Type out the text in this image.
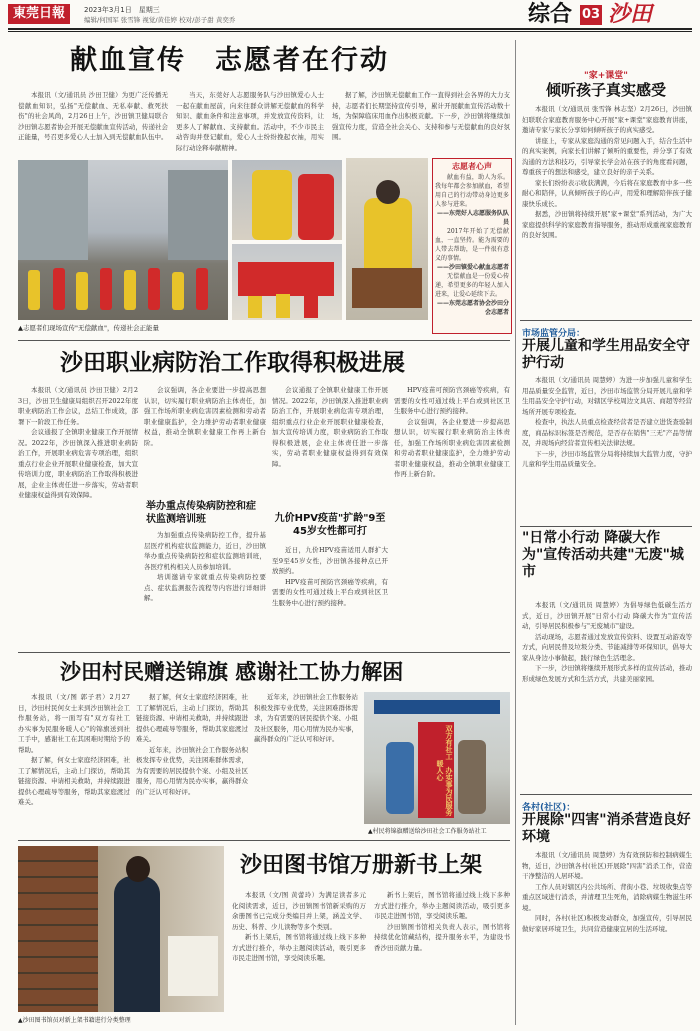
東莞日報	2023年3月1日　星期三
编辑/何国军 张雪锋 视觉/黄佳婷 校对/彭子甜 黄奕乔	综合 03 沙田
献血宣传　志愿者在行动

本报讯（文/通讯员 沙田卫健）为更广泛传播无偿献血知识，弘扬"无偿献血、无私奉献、救死扶伤"的社会风尚，2月26日上午，沙田镇卫健局联合沙田镇志愿者协会开展无偿献血宣传活动，传递社会正能量，号召更多爱心人士加入到无偿献血队伍中。

当天，东莞好人志愿服务队与沙田镇爱心人士一起在献血屋前，向来往群众讲解无偿献血的科学知识、献血条件和注意事项，并发放宣传资料，让更多人了解献血、支持献血。活动中，不少市民主动咨询并登记献血，爱心人士纷纷挽起衣袖，用实际行动诠释奉献精神。

据了解，沙田镇无偿献血工作一直得到社会各界的大力支持，志愿者们长期坚持宣传引导，累计开展献血宣传活动数十场，为保障临床用血作出积极贡献。下一步，沙田镇将继续加强宣传力度，营造全社会关心、支持和参与无偿献血的良好氛围。

▲志愿者们现场宣传"无偿献血"，传递社会正能量
志愿者心声

献血有益，助人为乐。我每年都会参加献血，希望用自己的行动带动身边更多人参与进来。

——东莞好人志愿服务队队员

2017年开始了无偿献血，一直坚持。能为需要的人带去帮助，是一件很有意义的事情。

——沙田镇爱心献血志愿者

无偿献血是一份爱心传递，希望更多的年轻人加入进来，让爱心延续下去。

——东莞志愿者协会沙田分会志愿者
沙田职业病防治工作取得积极进展

本报讯（文/通讯员 沙田卫健）2月23日，沙田卫生健康局组织召开2022年度职业病防治工作会议，总结工作成效，部署下一阶段工作任务。

会议通报了全镇职业健康工作开展情况。2022年，沙田镇深入推进职业病防治工作，开展职业病危害专项治理，组织重点行业企业开展职业健康检查，加大宣传培训力度，职业病防治工作取得积极进展，企业主体责任进一步落实，劳动者职业健康权益得到有效保障。

会议强调，各企业要进一步提高思想认识，切实履行职业病防治主体责任，加强工作场所职业病危害因素检测和劳动者职业健康监护，全力维护劳动者职业健康权益，推动全镇职业健康工作再上新台阶。

举办重点传染病防控和症状监测培训班

为加强重点传染病防控工作，提升基层医疗机构症状监测能力，近日，沙田镇举办重点传染病防控和症状监测培训班，各医疗机构相关人员参加培训。

培训邀请专家就重点传染病防控要点、症状监测报告流程等内容进行详细讲解。

会议通报了全镇职业健康工作开展情况。2022年，沙田镇深入推进职业病防治工作，开展职业病危害专项治理，组织重点行业企业开展职业健康检查，加大宣传培训力度，职业病防治工作取得积极进展，企业主体责任进一步落实，劳动者职业健康权益得到有效保障。

九价HPV疫苗"扩龄"9至45岁女性都可打

近日，九价HPV疫苗适用人群扩大至9至45岁女性，沙田镇各接种点已开放预约。

HPV疫苗可预防宫颈癌等疾病，有需要的女性可通过线上平台或到社区卫生服务中心进行预约接种。

HPV疫苗可预防宫颈癌等疾病，有需要的女性可通过线上平台或到社区卫生服务中心进行预约接种。

会议强调，各企业要进一步提高思想认识，切实履行职业病防治主体责任，加强工作场所职业病危害因素检测和劳动者职业健康监护，全力维护劳动者职业健康权益，推动全镇职业健康工作再上新台阶。

沙田村民赠送锦旗 感谢社工协力解困

本报讯（文/图 郭子君）2月27日，沙田村民何女士来到沙田镇社会工作服务站，将一面写有"双方有社工　办实事为民服务暖人心"的锦旗送到社工手中，感谢社工在其困难时期给予的帮助。

据了解，何女士家庭经济困难，社工了解情况后，主动上门探访，帮助其链接资源、申请相关救助，并持续跟进提供心理疏导等服务，帮助其家庭渡过难关。

据了解，何女士家庭经济困难，社工了解情况后，主动上门探访，帮助其链接资源、申请相关救助，并持续跟进提供心理疏导等服务，帮助其家庭渡过难关。

近年来，沙田镇社会工作服务站积极发挥专业优势，关注困难群体需求，为有需要的居民提供个案、小组及社区服务，用心用情为民办实事，赢得群众的广泛认可和好评。

近年来，沙田镇社会工作服务站积极发挥专业优势，关注困难群体需求，为有需要的居民提供个案、小组及社区服务，用心用情为民办实事，赢得群众的广泛认可和好评。	双方有社工　办实事为民服务暖人心
▲村民将锦旗赠送给沙田社会工作服务站社工
▲沙田图书馆员对新上架书籍进行分类整理
沙田图书馆万册新书上架

本报讯（文/图 黄蕾玲）为满足读者多元化阅读需求，近日，沙田镇图书馆新采购的万余册图书已完成分类编目并上架，涵盖文学、历史、科普、少儿读物等多个类别。

新书上架后，图书馆将通过线上线下多种方式进行推介，举办主题阅读活动，吸引更多市民走进图书馆，享受阅读乐趣。

新书上架后，图书馆将通过线上线下多种方式进行推介，举办主题阅读活动，吸引更多市民走进图书馆，享受阅读乐趣。

沙田镇图书馆相关负责人表示，图书馆将持续优化馆藏结构，提升服务水平，为建设书香沙田贡献力量。

"家+课堂"
倾听孩子真实感受

本报讯（文/通讯员 张雪锋 林志坚）2月26日，沙田镇妇联联合家庭教育服务中心开展"家+课堂"家庭教育讲座，邀请专家与家长分享如何倾听孩子的真实感受。

讲座上，专家从家庭沟通的常见问题入手，结合生活中的真实案例，向家长们讲解了倾听的重要性，并分享了有效沟通的方法和技巧，引导家长学会站在孩子的角度看问题，尊重孩子的想法和感受，建立良好的亲子关系。

家长们纷纷表示收获满满，今后将在家庭教育中多一些耐心和陪伴，认真倾听孩子的心声，用爱和理解陪伴孩子健康快乐成长。

据悉，沙田镇将持续开展"家+课堂"系列活动，为广大家庭提供科学的家庭教育指导服务，推动形成重视家庭教育的良好氛围。

市场监管分局：
开展儿童和学生用品安全守护行动

本报讯（文/通讯员 周慧婷）为进一步加强儿童和学生用品质量安全监管，近日，沙田市场监管分局开展儿童和学生用品安全守护行动，对辖区学校周边文具店、商超等经营场所开展专项检查。

检查中，执法人员重点检查经营者是否建立进货查验制度，商品标识标签是否规范，是否存在销售"三无"产品等情况，并现场向经营者宣传相关法律法规。

下一步，沙田市场监管分局将持续加大监管力度，守护儿童和学生用品质量安全。

"日常小行动 降碳大作为"宣传活动共建"无废"城市

本报讯（文/通讯员 周慧婷）为倡导绿色低碳生活方式，近日，沙田镇开展"日常小行动 降碳大作为"宣传活动，引导居民积极参与"无废城市"建设。

活动现场，志愿者通过发放宣传资料、设置互动游戏等方式，向居民普及垃圾分类、节能减排等环保知识，倡导大家从身边小事做起，践行绿色生活理念。

下一步，沙田镇将继续开展形式多样的宣传活动，推动形成绿色发展方式和生活方式，共建美丽家园。

各村(社区)：
开展除"四害"消杀营造良好环境

本报讯（文/通讯员 周慧婷）为有效预防和控制病媒生物，近日，沙田镇各村(社区)开展除"四害"消杀工作，营造干净整洁的人居环境。

工作人员对辖区内公共场所、背街小巷、垃圾收集点等重点区域进行消杀，并清理卫生死角，消除病媒生物滋生环境。

同时，各村(社区)积极发动群众，加强宣传，引导居民做好家居环境卫生，共同营造健康宜居的生活环境。
